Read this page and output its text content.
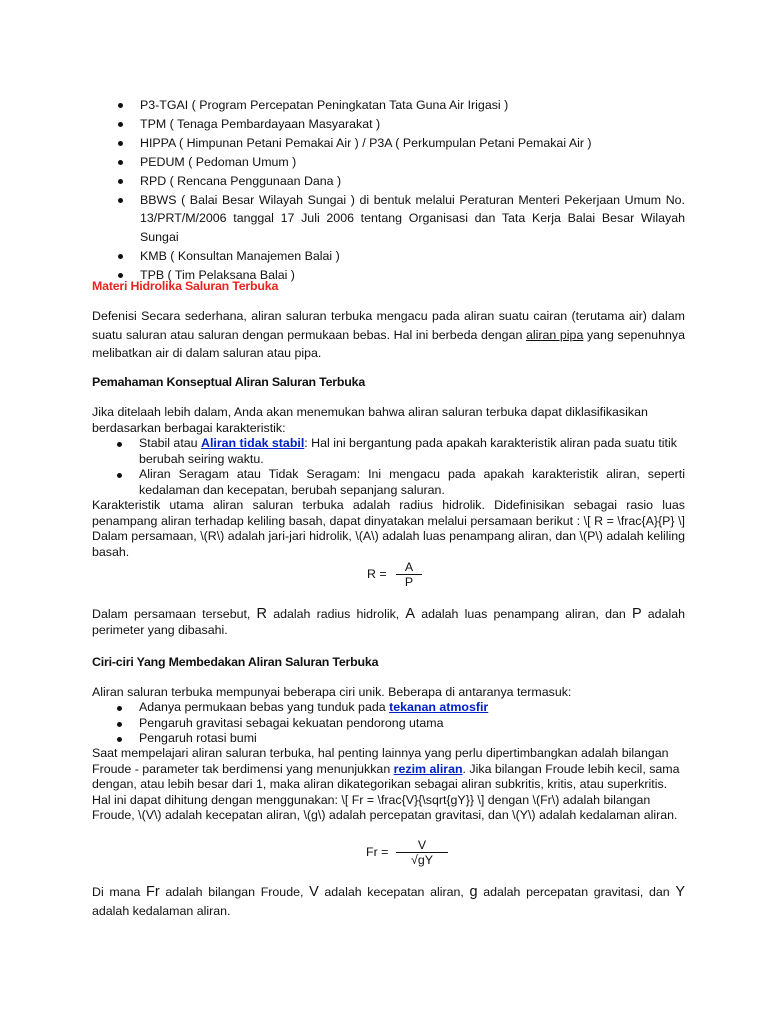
P3-TGAI ( Program Percepatan Peningkatan Tata Guna Air Irigasi )
TPM ( Tenaga Pembardayaan Masyarakat )
HIPPA ( Himpunan Petani Pemakai Air ) / P3A ( Perkumpulan Petani Pemakai Air )
PEDUM ( Pedoman Umum )
RPD ( Rencana Penggunaan Dana )
BBWS ( Balai Besar Wilayah Sungai ) di bentuk melalui Peraturan Menteri Pekerjaan Umum No. 13/PRT/M/2006 tanggal 17 Juli 2006 tentang Organisasi dan Tata Kerja Balai Besar Wilayah Sungai
KMB ( Konsultan Manajemen Balai )
TPB ( Tim Pelaksana Balai )
Materi Hidrolika Saluran Terbuka

Defenisi Secara sederhana, aliran saluran terbuka mengacu pada aliran suatu cairan (terutama air) dalam suatu saluran atau saluran dengan permukaan bebas. Hal ini berbeda dengan aliran pipa yang sepenuhnya melibatkan air di dalam saluran atau pipa.

Pemahaman Konseptual Aliran Saluran Terbuka

Jika ditelaah lebih dalam, Anda akan menemukan bahwa aliran saluran terbuka dapat diklasifikasikan berdasarkan berbagai karakteristik:

Stabil atau Aliran tidak stabil: Hal ini bergantung pada apakah karakteristik aliran pada suatu titik berubah seiring waktu.
Aliran Seragam atau Tidak Seragam: Ini mengacu pada apakah karakteristik aliran, seperti kedalaman dan kecepatan, berubah sepanjang saluran.

Karakteristik utama aliran saluran terbuka adalah radius hidrolik. Didefinisikan sebagai rasio luas penampang aliran terhadap keliling basah, dapat dinyatakan melalui persamaan berikut : \[ R = \frac{A}{P} \] Dalam persamaan, \(R\) adalah jari-jari hidrolik, \(A\) adalah luas penampang aliran, dan \(P\) adalah keliling basah.

R =	A
P

Dalam persamaan tersebut, R adalah radius hidrolik, A adalah luas penampang aliran, dan P adalah perimeter yang dibasahi.

Ciri-ciri Yang Membedakan Aliran Saluran Terbuka

Aliran saluran terbuka mempunyai beberapa ciri unik. Beberapa di antaranya termasuk:

Adanya permukaan bebas yang tunduk pada tekanan atmosfir
Pengaruh gravitasi sebagai kekuatan pendorong utama
Pengaruh rotasi bumi

Saat mempelajari aliran saluran terbuka, hal penting lainnya yang perlu dipertimbangkan adalah bilangan Froude - parameter tak berdimensi yang menunjukkan rezim aliran. Jika bilangan Froude lebih kecil, sama dengan, atau lebih besar dari 1, maka aliran dikategorikan sebagai aliran subkritis, kritis, atau superkritis. Hal ini dapat dihitung dengan menggunakan: \[ Fr = \frac{V}{\sqrt{gY}} \] dengan \(Fr\) adalah bilangan Froude, \(V\) adalah kecepatan aliran, \(g\) adalah percepatan gravitasi, dan \(Y\) adalah kedalaman aliran.

Fr =	V
√gY

Di mana Fr adalah bilangan Froude, V adalah kecepatan aliran, g adalah percepatan gravitasi, dan Y adalah kedalaman aliran.
